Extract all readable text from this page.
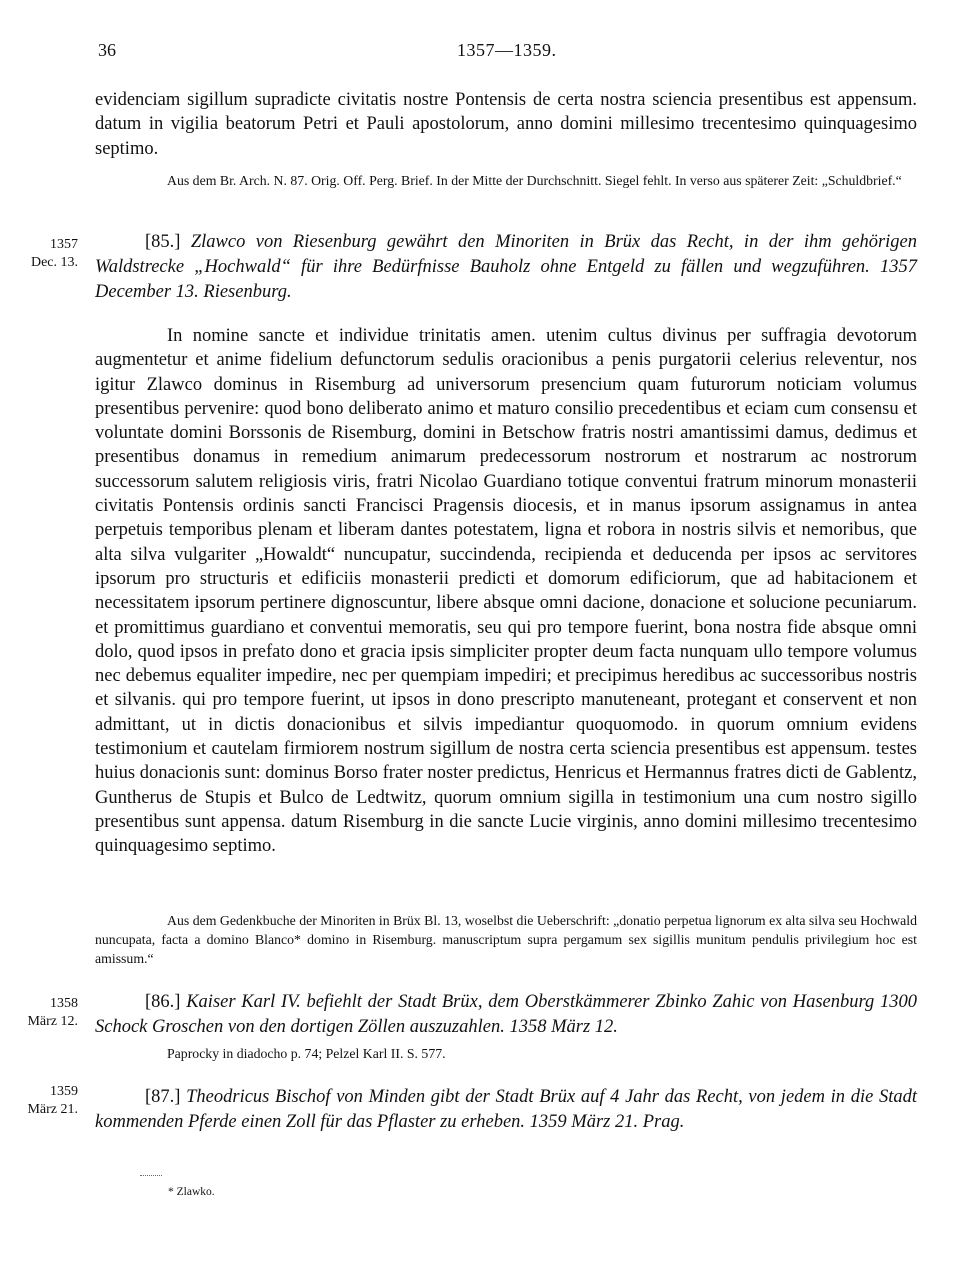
36	1357—1359.
evidenciam sigillum supradicte civitatis nostre Pontensis de certa nostra sciencia presentibus est appensum. datum in vigilia beatorum Petri et Pauli apostolorum, anno domini millesimo trecentesimo quinquagesimo septimo.
Aus dem Br. Arch. N. 87. Orig. Off. Perg. Brief. In der Mitte der Durchschnitt. Siegel fehlt. In verso aus späterer Zeit: „Schuldbrief.“
1357
Dec. 13.
[85.] Zlawco von Riesenburg gewährt den Minoriten in Brüx das Recht, in der ihm gehörigen Waldstrecke „Hochwald“ für ihre Bedürfnisse Bauholz ohne Entgeld zu fällen und wegzuführen. 1357 December 13. Riesenburg.
In nomine sancte et individue trinitatis amen. utenim cultus divinus per suffragia devotorum augmentetur et anime fidelium defunctorum sedulis oracionibus a penis purgatorii celerius releventur, nos igitur Zlawco dominus in Risemburg ad universorum presencium quam futurorum noticiam volumus presentibus pervenire: quod bono deliberato animo et maturo consilio precedentibus et eciam cum consensu et voluntate domini Borssonis de Risemburg, domini in Betschow fratris nostri amantissimi damus, dedimus et presentibus donamus in remedium animarum predecessorum nostrorum et nostrarum ac nostrorum successorum salutem religiosis viris, fratri Nicolao Guardiano totique conventui fratrum minorum monasterii civitatis Pontensis ordinis sancti Francisci Pragensis diocesis, et in manus ipsorum assignamus in antea perpetuis temporibus plenam et liberam dantes potestatem, ligna et robora in nostris silvis et nemoribus, que alta silva vulgariter „Howaldt“ nuncupatur, succindenda, recipienda et deducenda per ipsos ac servitores ipsorum pro structuris et edificiis monasterii predicti et domorum edificiorum, que ad habitacionem et necessitatem ipsorum pertinere dignoscuntur, libere absque omni dacione, donacione et solucione pecuniarum. et promittimus guardiano et conventui memoratis, seu qui pro tempore fuerint, bona nostra fide absque omni dolo, quod ipsos in prefato dono et gracia ipsis simpliciter propter deum facta nunquam ullo tempore volumus nec debemus equaliter impedire, nec per quempiam impediri; et precipimus heredibus ac successoribus nostris et silvanis. qui pro tempore fuerint, ut ipsos in dono prescripto manuteneant, protegant et conservent et non admittant, ut in dictis donacionibus et silvis impediantur quoquomodo. in quorum omnium evidens testimonium et cautelam firmiorem nostrum sigillum de nostra certa sciencia presentibus est appensum. testes huius donacionis sunt: dominus Borso frater noster predictus, Henricus et Hermannus fratres dicti de Gablentz, Guntherus de Stupis et Bulco de Ledtwitz, quorum omnium sigilla in testimonium una cum nostro sigillo presentibus sunt appensa. datum Risemburg in die sancte Lucie virginis, anno domini millesimo trecentesimo quinquagesimo septimo.
Aus dem Gedenkbuche der Minoriten in Brüx Bl. 13, woselbst die Ueberschrift: „donatio perpetua lignorum ex alta silva seu Hochwald nuncupata, facta a domino Blanco* domino in Risemburg. manuscriptum supra pergamum sex sigillis munitum pendulis privilegium hoc est amissum.“
1358
März 12.
[86.] Kaiser Karl IV. befiehlt der Stadt Brüx, dem Oberstkämmerer Zbinko Zahic von Hasenburg 1300 Schock Groschen von den dortigen Zöllen auszuzahlen. 1358 März 12.
Paprocky in diadocho p. 74; Pelzel Karl II. S. 577.
1359
März 21.
[87.] Theodricus Bischof von Minden gibt der Stadt Brüx auf 4 Jahr das Recht, von jedem in die Stadt kommenden Pferde einen Zoll für das Pflaster zu erheben. 1359 März 21. Prag.
* Zlawko.
